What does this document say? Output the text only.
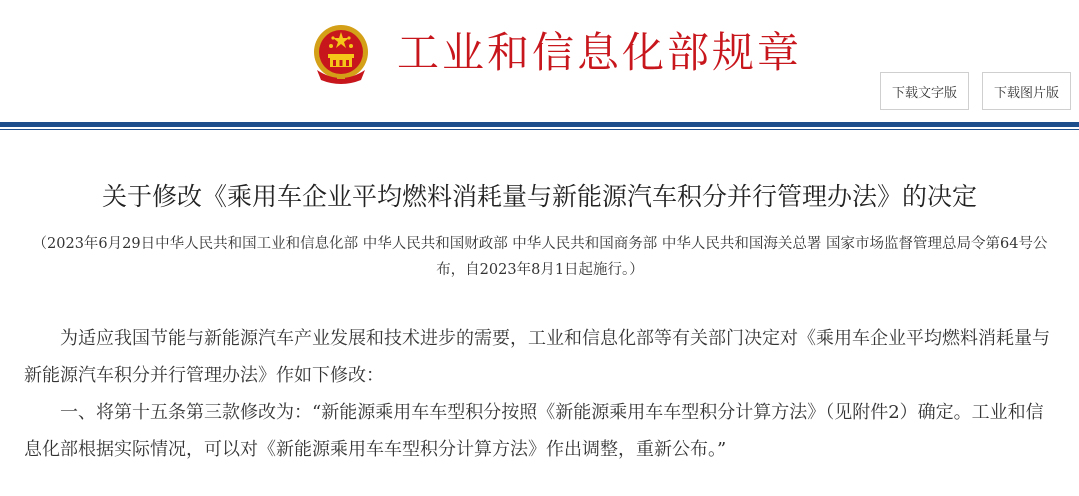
工业和信息化部规章
下载文字版	下载图片版
关于修改《乘用车企业平均燃料消耗量与新能源汽车积分并行管理办法》的决定
（2023年6月29日中华人民共和国工业和信息化部 中华人民共和国财政部 中华人民共和国商务部 中华人民共和国海关总署 国家市场监督管理总局令第64号公布，自2023年8月1日起施行。）

为适应我国节能与新能源汽车产业发展和技术进步的需要，工业和信息化部等有关部门决定对《乘用车企业平均燃料消耗量与新能源汽车积分并行管理办法》作如下修改：

一、将第十五条第三款修改为：“新能源乘用车车型积分按照《新能源乘用车车型积分计算方法》（见附件2）确定。工业和信息化部根据实际情况，可以对《新能源乘用车车型积分计算方法》作出调整，重新公布。”
